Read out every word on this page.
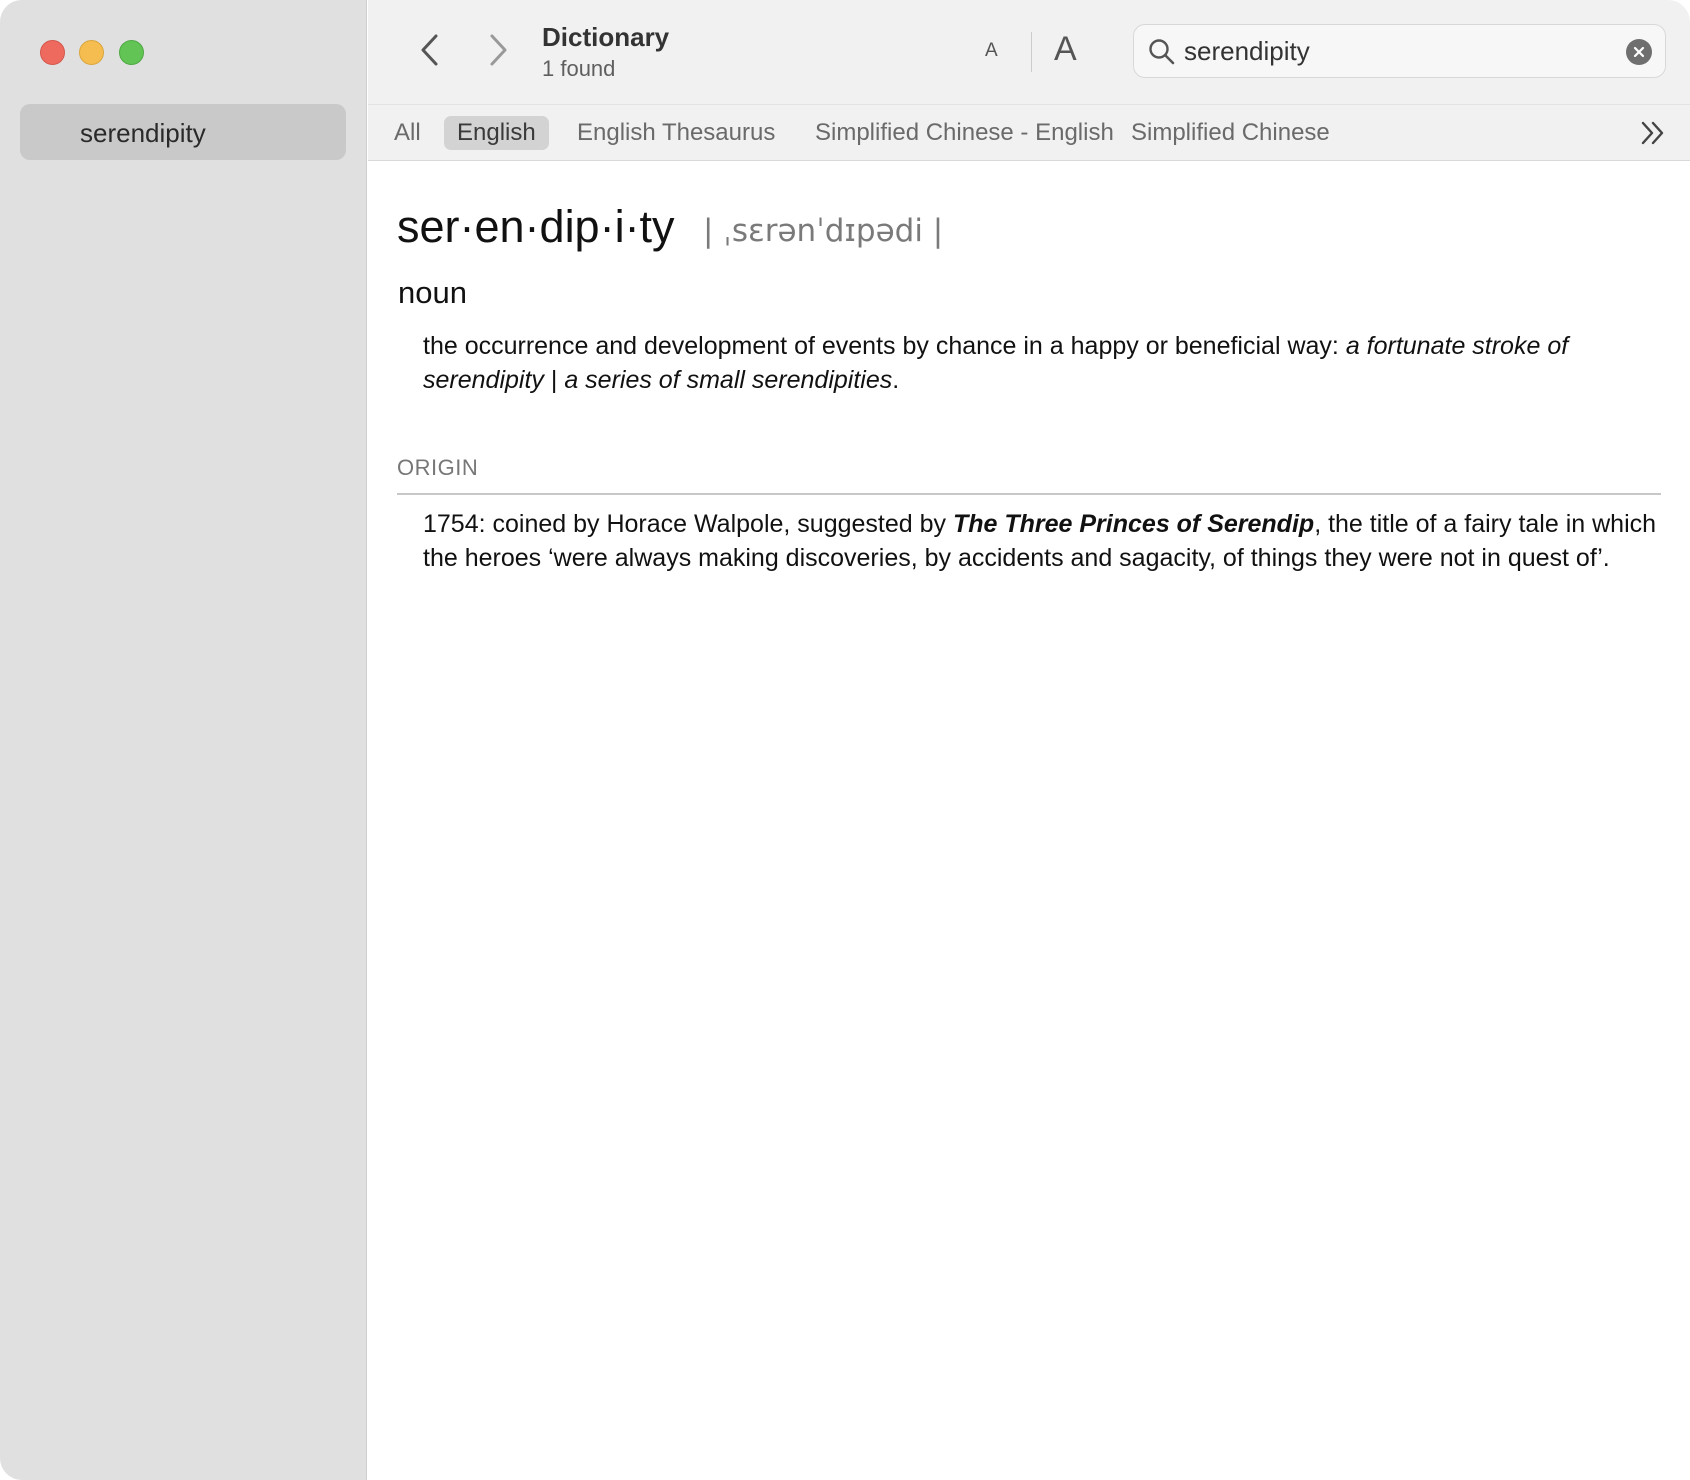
serendipity
Dictionary
1 found
A A
serendipity
All	English	English Thesaurus	Simplified Chinese - English Simplified Chinese
ser·en·dip·i·ty | ˌsɛrənˈdɪpədi |
noun
the occurrence and development of events by chance in a happy or beneficial way: a fortunate stroke of serendipity | a series of small serendipities.
ORIGIN
1754: coined by Horace Walpole, suggested by The Three Princes of Serendip, the title of a fairy tale in which the heroes ‘were always making discoveries, by accidents and sagacity, of things they were not in quest of’.
